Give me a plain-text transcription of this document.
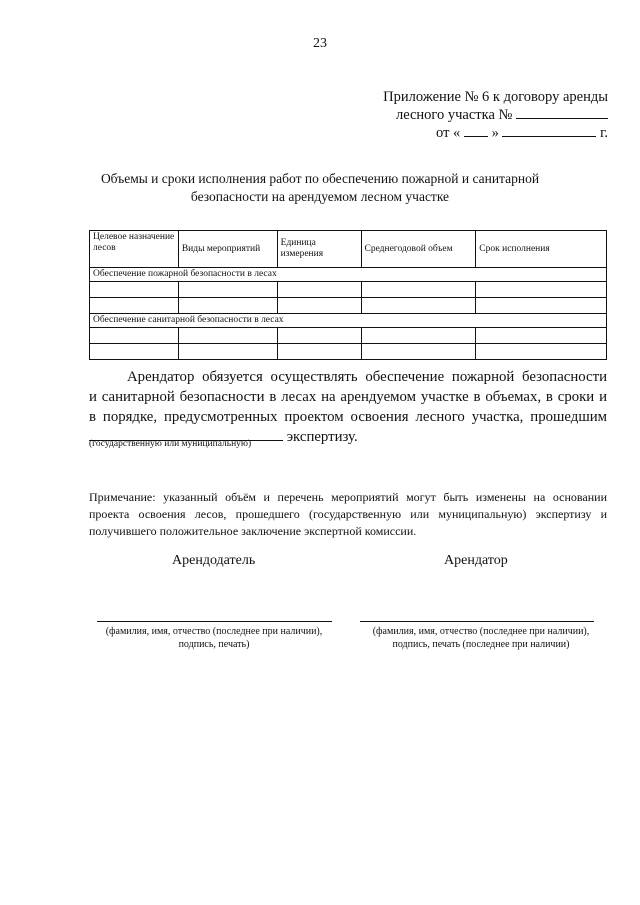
23
Приложение № 6 к договору аренды
лесного участка №
от « »	г.
Объемы и сроки исполнения работ по обеспечению пожарной и санитарной
безопасности на арендуемом лесном участке
Целевое назначение лесов	Виды мероприятий	Единица измерения	Среднегодовой объем	Срок исполнения
Обеспечение пожарной безопасности в лесах				

Обеспечение санитарной безопасности в лесах				

Арендатор обязуется осуществлять обеспечение пожарной безопасности
и санитарной безопасности в лесах на арендуемом участке в объемах, в сроки и
в порядке, предусмотренных проектом освоения лесного участка, прошедшим
экспертизу.
(государственную или муниципальную)
Примечание: указанный объём и перечень мероприятий могут быть изменены на основании
проекта освоения лесов, прошедшего (государственную или муниципальную) экспертизу и
получившего положительное заключение экспертной комиссии.
Арендодатель	Арендатор
(фамилия, имя, отчество (последнее при наличии),
подпись, печать)
(фамилия, имя, отчество (последнее при наличии),
подпись, печать (последнее при наличии)
